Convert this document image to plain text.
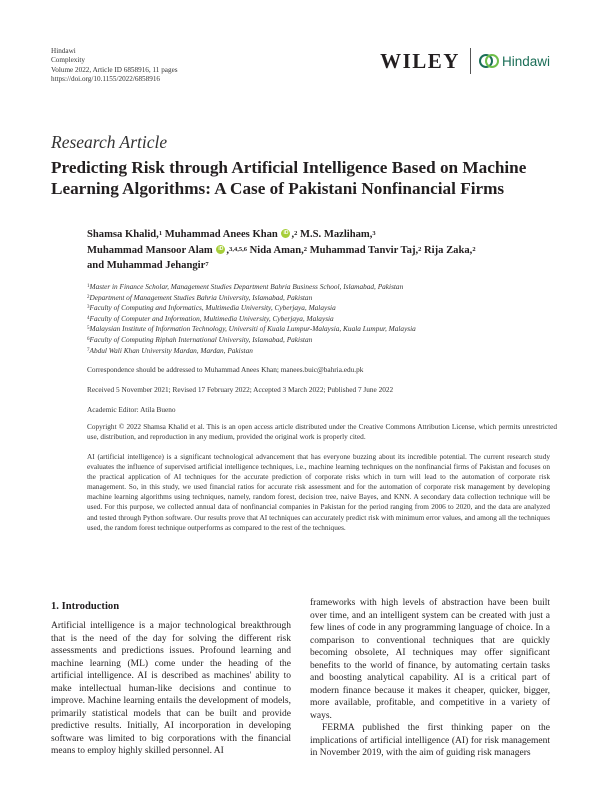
Hindawi
Complexity
Volume 2022, Article ID 6858916, 11 pages
https://doi.org/10.1155/2022/6858916
WILEY	Hindawi
Research Article
Predicting Risk through Artificial Intelligence Based on Machine Learning Algorithms: A Case of Pakistani Nonfinancial Firms
Shamsa Khalid,$^1$ Muhammad Anees Khan iD ,$^2$ M.S. Mazliham,$^3$
Muhammad Mansoor Alam iD ,$^{3,4,5,6}$ Nida Aman,$^2$ Muhammad Tanvir Taj,$^2$ Rija Zaka,$^2$
and Muhammad Jehangir$^7$
$^1$Master in Finance Scholar, Management Studies Department Bahria Business School, Islamabad, Pakistan
$^2$Department of Management Studies Bahria University, Islamabad, Pakistan
$^3$Faculty of Computing and Informatics, Multimedia University, Cyberjaya, Malaysia
$^4$Faculty of Computer and Information, Multimedia University, Cyberjaya, Malaysia
$^5$Malaysian Institute of Information Technology, Universiti of Kuala Lumpur-Malaysia, Kuala Lumpur, Malaysia
$^6$Faculty of Computing Riphah International University, Islamabad, Pakistan
$^7$Abdul Wali Khan University Mardan, Mardan, Pakistan
Correspondence should be addressed to Muhammad Anees Khan; manees.buic@bahria.edu.pk
Received 5 November 2021; Revised 17 February 2022; Accepted 3 March 2022; Published 7 June 2022
Academic Editor: Atila Bueno
Copyright © 2022 Shamsa Khalid et al. This is an open access article distributed under the Creative Commons Attribution License, which permits unrestricted use, distribution, and reproduction in any medium, provided the original work is properly cited.
AI (artificial intelligence) is a significant technological advancement that has everyone buzzing about its incredible potential. The current research study evaluates the influence of supervised artificial intelligence techniques, i.e., machine learning techniques on the nonfinancial firms of Pakistan and focuses on the practical application of AI techniques for the accurate prediction of corporate risks which in turn will lead to the automation of corporate risk management. So, in this study, we used financial ratios for accurate risk assessment and for the automation of corporate risk management by developing machine learning algorithms using techniques, namely, random forest, decision tree, naive Bayes, and KNN. A secondary data collection technique will be used. For this purpose, we collected annual data of nonfinancial companies in Pakistan for the period ranging from 2006 to 2020, and the data are analyzed and tested through Python software. Our results prove that AI techniques can accurately predict risk with minimum error values, and among all the techniques used, the random forest technique outperforms as compared to the rest of the techniques.
1. Introduction

Artificial intelligence is a major technological breakthrough that is the need of the day for solving the different risk assessments and predictions issues. Profound learning and machine learning (ML) come under the heading of the artificial intelligence. AI is described as machines' ability to make intellectual human-like decisions and continue to improve. Machine learning entails the development of models, primarily statistical models that can be built and provide predictive results. Initially, AI incorporation in developing software was limited to big corporations with the financial means to employ highly skilled personnel. AI

frameworks with high levels of abstraction have been built over time, and an intelligent system can be created with just a few lines of code in any programming language of choice. In a comparison to conventional techniques that are quickly becoming obsolete, AI techniques may offer significant benefits to the world of finance, by automating certain tasks and boosting analytical capability. AI is a critical part of modern finance because it makes it cheaper, quicker, bigger, more available, profitable, and competitive in a variety of ways.

FERMA published the first thinking paper on the implications of artificial intelligence (AI) for risk management in November 2019, with the aim of guiding risk managers
